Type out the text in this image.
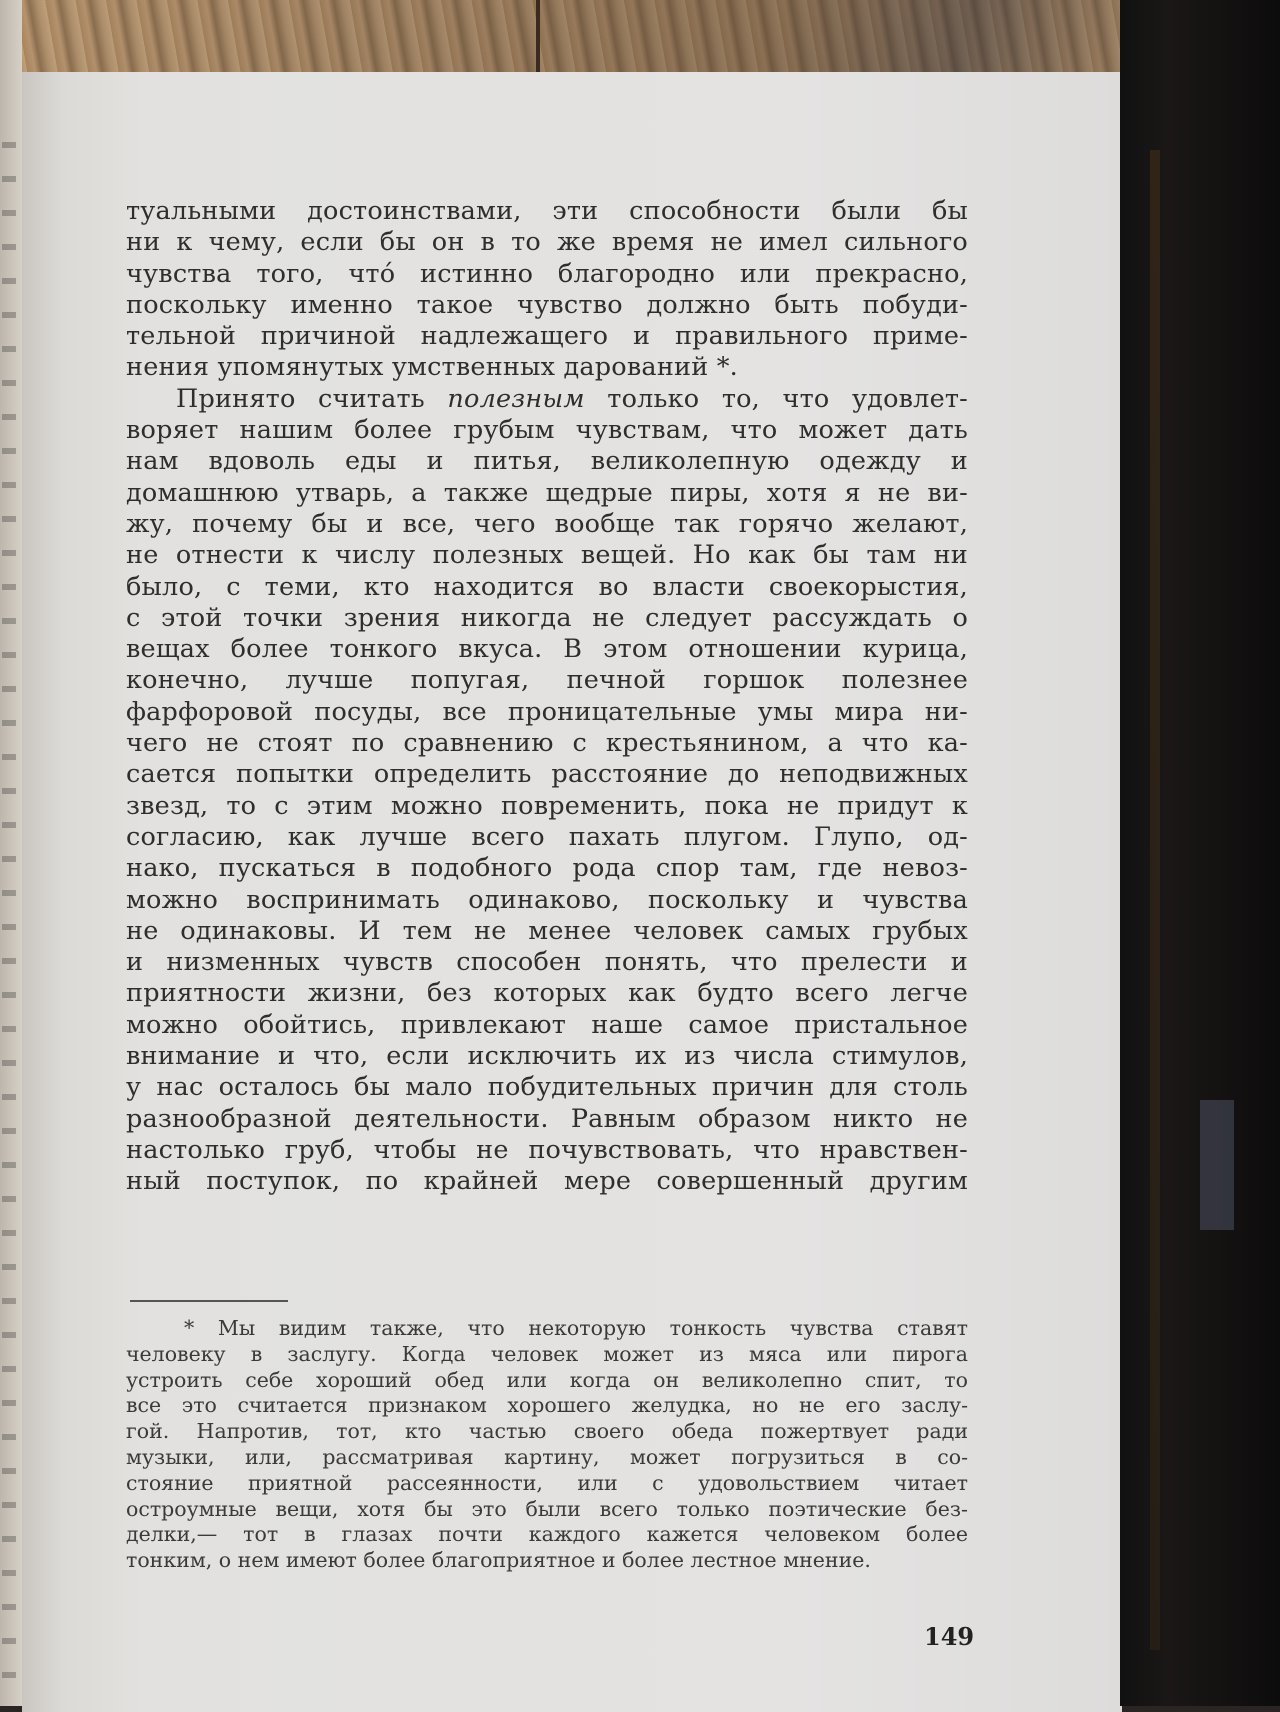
туальными достоинствами, эти способности были бы
ни к чему, если бы он в то же время не имел сильного
чувства того, что́ истинно благородно или прекрасно,
поскольку именно такое чувство должно быть побуди-
тельной причиной надлежащего и правильного приме-
нения упомянутых умственных дарований *.

Принято считать полезным только то, что удовлет-
воряет нашим более грубым чувствам, что может дать
нам вдоволь еды и питья, великолепную одежду и
домашнюю утварь, а также щедрые пиры, хотя я не ви-
жу, почему бы и все, чего вообще так горячо желают,
не отнести к числу полезных вещей. Но как бы там ни
было, с теми, кто находится во власти своекорыстия,
с этой точки зрения никогда не следует рассуждать о
вещах более тонкого вкуса. В этом отношении курица,
конечно, лучше попугая, печной горшок полезнее
фарфоровой посуды, все проницательные умы мира ни-
чего не стоят по сравнению с крестьянином, а что ка-
сается попытки определить расстояние до неподвижных
звезд, то с этим можно повременить, пока не придут к
согласию, как лучше всего пахать плугом. Глупо, од-
нако, пускаться в подобного рода спор там, где невоз-
можно воспринимать одинаково, поскольку и чувства
не одинаковы. И тем не менее человек самых грубых
и низменных чувств способен понять, что прелести и
приятности жизни, без которых как будто всего легче
можно обойтись, привлекают наше самое пристальное
внимание и что, если исключить их из числа стимулов,
у нас осталось бы мало побудительных причин для столь
разнообразной деятельности. Равным образом никто не
настолько груб, чтобы не почувствовать, что нравствен-
ный поступок, по крайней мере совершенный другим

* Мы видим также, что некоторую тонкость чувства ставят
человеку в заслугу. Когда человек может из мяса или пирога
устроить себе хороший обед или когда он великолепно спит, то
все это считается признаком хорошего желудка, но не его заслу-
гой. Напротив, тот, кто частью своего обеда пожертвует ради
музыки, или, рассматривая картину, может погрузиться в со-
стояние приятной рассеянности, или с удовольствием читает
остроумные вещи, хотя бы это были всего только поэтические без-
делки,— тот в глазах почти каждого кажется человеком более
тонким, о нем имеют более благоприятное и более лестное мнение.
149
